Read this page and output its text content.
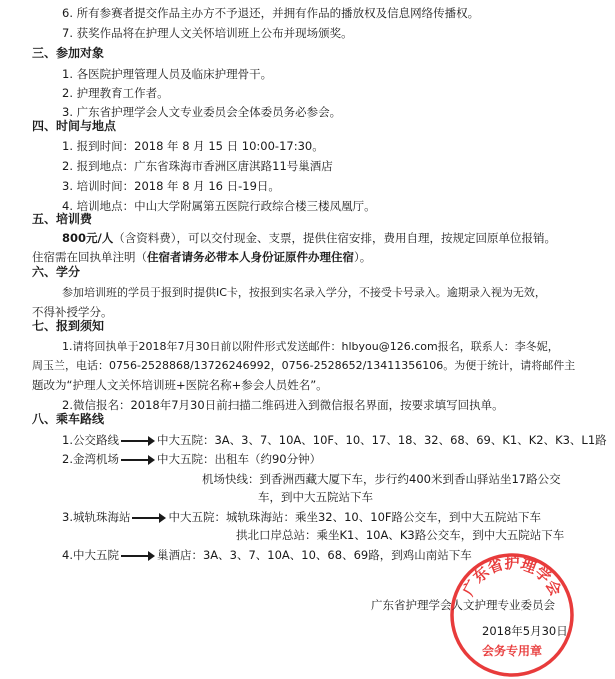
6. 所有参赛者提交作品主办方不予退还，并拥有作品的播放权及信息网络传播权。
7. 获奖作品将在护理人文关怀培训班上公布并现场颁奖。
三、参加对象
1. 各医院护理管理人员及临床护理骨干。
2. 护理教育工作者。
3. 广东省护理学会人文专业委员会全体委员务必参会。
四、时间与地点
1. 报到时间：2018 年 8 月 15 日 10:00-17:30。
2. 报到地点：广东省珠海市香洲区唐淇路11号巢酒店
3. 培训时间：2018 年 8 月 16 日-19日。
4. 培训地点：中山大学附属第五医院行政综合楼三楼凤凰厅。
五、培训费
800元/人（含资料费），可以交付现金、支票，提供住宿安排，费用自理，按规定回原单位报销。
住宿需在回执单注明（住宿者请务必带本人身份证原件办理住宿）。
六、学分
参加培训班的学员于报到时提供IC卡，按报到实名录入学分，不接受卡号录入。逾期录入视为无效，
不得补授学分。
七、报到须知
1.请将回执单于2018年7月30日前以附件形式发送邮件：hlbyou@126.com报名，联系人：李冬妮，
周玉兰，电话：0756-2528868/13726246992，0756-2528652/13411356106。为便于统计，请将邮件主
题改为“护理人文关怀培训班+医院名称+参会人员姓名”。
2.微信报名：2018年7月30日前扫描二维码进入到微信报名界面，按要求填写回执单。
八、乘车路线
1.公交路线	中大五院：3A、3、7、10A、10F、10、17、18、32、68、69、K1、K2、K3、L1路
2.金湾机场	中大五院：出租车（约90分钟）
机场快线：到香洲西藏大厦下车，步行约400米到香山驿站坐17路公交
车，到中大五院站下车
3.城轨珠海站	中大五院：城轨珠海站：乘坐32、10、10F路公交车，到中大五院站下车
拱北口岸总站：乘坐K1、10A、K3路公交车，到中大五院站下车
4.中大五院	巢酒店：3A、3、7、10A、10、68、69路，到鸡山南站下车
广东省护理学会
会务专用章
广东省护理学会人文护理专业委员会
2018年5月30日
